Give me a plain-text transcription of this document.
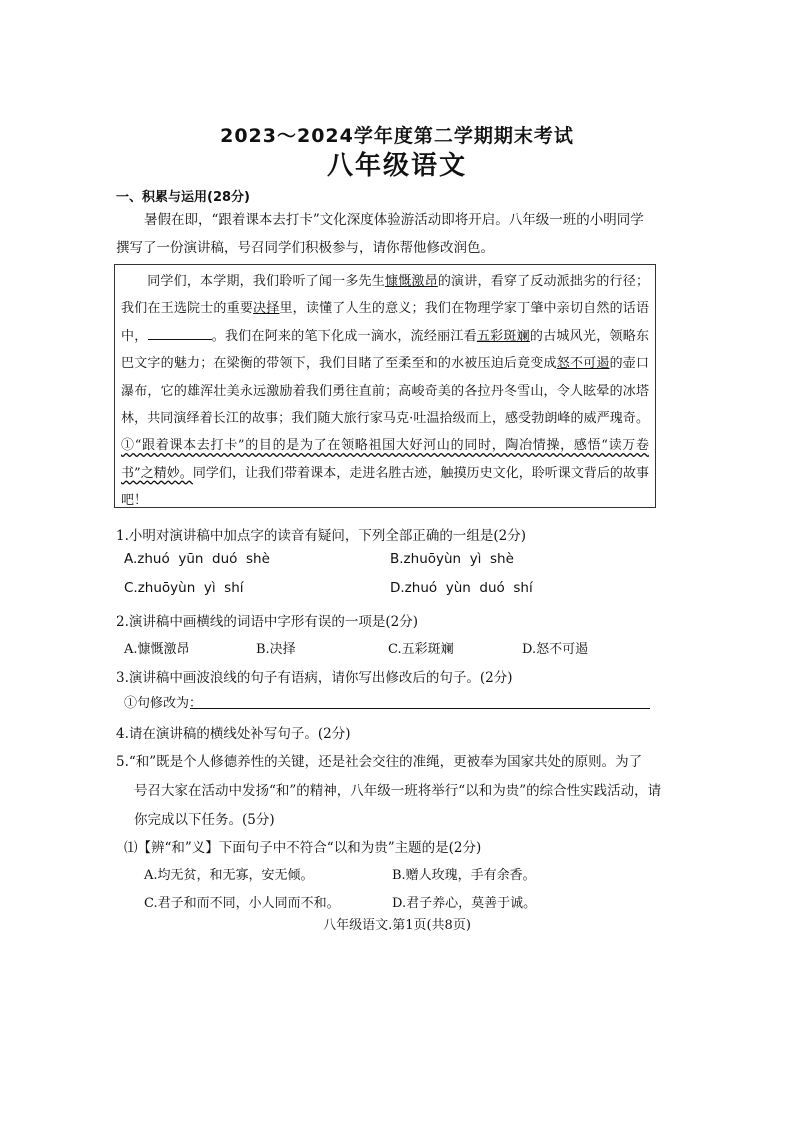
2023～2024学年度第二学期期末考试
八年级语文
一、积累与运用(28分)

暑假在即，“跟着课本去打卡”文化深度体验游活动即将开启。八年级一班的小明同学

撰写了一份演讲稿，号召同学们积极参与，请你帮他修改润色。

同学们，本学期，我们聆听了闻一多先生慷慨激昂的演讲，看穿了反动派拙劣的行径；我们在王选院士的重要决择里，读懂了人生的意义；我们在物理学家丁肇中亲切自然的话语中，	。我们在阿来的笔下化成一滴水，流经丽江看五彩斑斓的古城风光，领略东巴文字的魅力；在梁衡的带领下，我们目睹了至柔至和的水被压迫后竟变成怒不可遏的壶口瀑布，它的雄浑壮美永远激励着我们勇往直前；高峻奇美的各拉丹冬雪山，令人眩晕的冰塔林，共同演绎着长江的故事；我们随大旅行家马克·吐温拾级而上，感受勃朗峰的威严瑰奇。①“跟着课本去打卡”的目的是为了在领略祖国大好河山的同时，陶冶情操，感悟“读万卷书”之精妙。同学们，让我们带着课本，走进名胜古迹，触摸历史文化，聆听课文背后的故事吧！
1.小明对演讲稿中加点字的读音有疑问，下列全部正确的一组是(2分)
A.zhuó  yūn  duó  shè	B.zhuōyùn  yì  shè
C.zhuōyùn  yì  shí	D.zhuó  yùn  duó  shí
2.演讲稿中画横线的词语中字形有误的一项是(2分)
A.慷慨激昂	B.决择	C.五彩斑斓	D.怒不可遏
3.演讲稿中画波浪线的句子有语病，请你写出修改后的句子。(2分)
①句修改为：
4.请在演讲稿的横线处补写句子。(2分)
5.“和”既是个人修德养性的关键，还是社会交往的准绳，更被奉为国家共处的原则。为了
号召大家在活动中发扬“和”的精神，八年级一班将举行“以和为贵”的综合性实践活动，请
你完成以下任务。(5分)
⑴【辨“和”义】下面句子中不符合“以和为贵”主题的是(2分)
A.均无贫，和无寡，安无倾。	B.赠人玫瑰，手有余香。
C.君子和而不同，小人同而不和。	D.君子养心，莫善于诚。
八年级语文.第1页(共8页)
